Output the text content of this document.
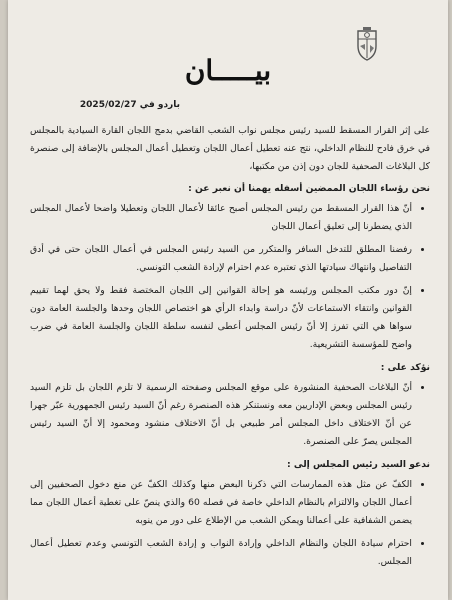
بيـــــان
باردو في 2025/02/27

على إثر القرار المسقط للسيد رئيس مجلس نواب الشعب القاضي بدمج اللجان القارة السيادية بالمجلس في خرق فادح للنظام الداخلي، نتج عنه تعطيل أعمال اللجان وتعطيل أعمال المجلس بالإضافة إلى صنصرة كل البلاغات الصحفية للجان دون إذن من مكتبها،

نحن رؤساء اللجان الممضين أسفله يهمنا أن نعبر عن :

• أنّ هذا القرار المسقط من رئيس المجلس أصبح عائقا لأعمال اللجان وتعطيلا واضحا لأعمال المجلس الذي يضطرنا إلى تعليق أعمال اللجان
• رفضنا المطلق للتدخل السافر والمتكرر من السيد رئيس المجلس في أعمال اللجان حتى في أدق التفاصيل وانتهاك سيادتها الذي تعتبره عدم احترام لإرادة الشعب التونسي.
• إنّ دور مكتب المجلس ورئيسه هو إحالة القوانين إلى اللجان المختصة فقط ولا يحق لهما تقييم القوانين وانتقاء الاستماعات لأنّ دراسة وابداء الرأي هو اختصاص اللجان وحدها والجلسة العامة دون سواها هي التي تفرز إلا أنّ رئيس المجلس أعطى لنفسه سلطة اللجان والجلسة العامة في ضرب واضح للمؤسسة التشريعية.

نؤكد على :

• أنّ البلاغات الصحفية المنشورة على موقع المجلس وصفحته الرسمية لا تلزم اللجان بل تلزم السيد رئيس المجلس وبعض الإداريين معه ونستنكر هذه الصنصرة رغم أنّ السيد رئيس الجمهورية عبّر جهرا عن أنّ الاختلاف داخل المجلس أمر طبيعي بل أنّ الاختلاف منشود ومحمود إلا أنّ السيد رئيس المجلس يصرّ على الصنصرة.

ندعو السيد رئيس المجلس إلى :

• الكفّ عن مثل هذه الممارسات التي ذكرنا البعض منها وكذلك الكفّ عن منع دخول الصحفيين إلى أعمال اللجان والالتزام بالنظام الداخلي خاصة في فصله 60 والذي ينصّ على تغطية أعمال اللجان مما يضمن الشفافية على أعمالنا ويمكن الشعب من الإطلاع على دور من ينوبه
• احترام سيادة اللجان والنظام الداخلي وإرادة النواب و إرادة الشعب التونسي وعدم تعطيل أعمال المجلس.
